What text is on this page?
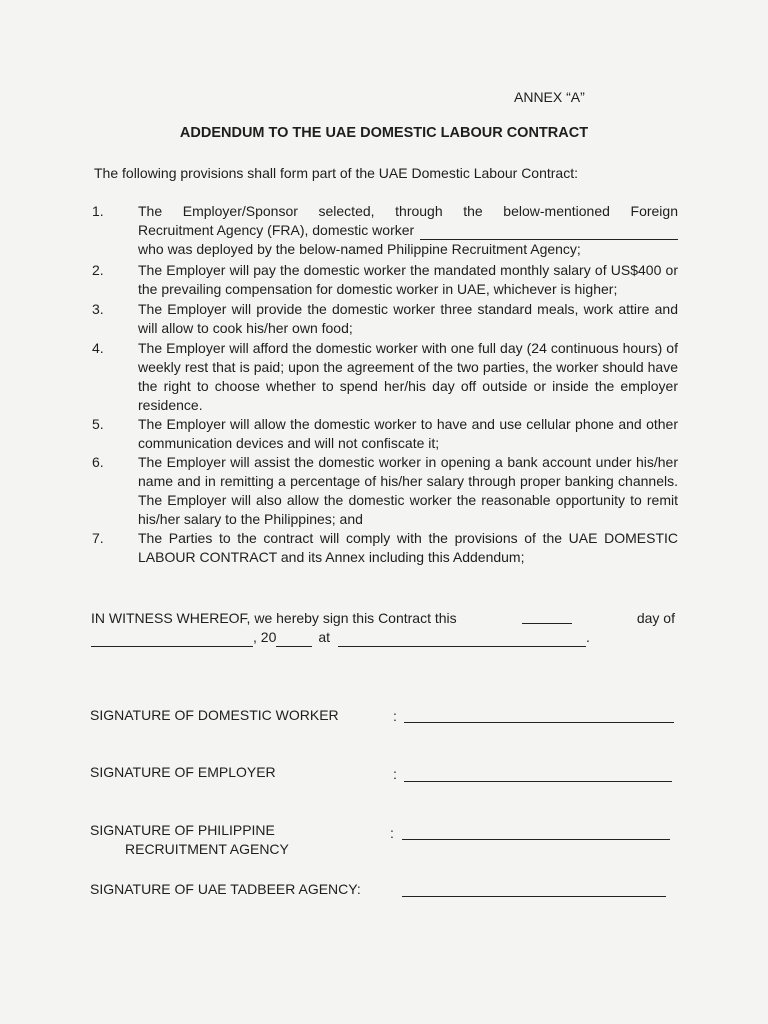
ANNEX “A”
ADDENDUM TO THE UAE DOMESTIC LABOUR CONTRACT
The following provisions shall form part of the UAE Domestic Labour Contract:
1.	The Employer/Sponsor selected, through the below-mentioned Foreign
Recruitment Agency (FRA), domestic worker
who was deployed by the below-named Philippine Recruitment Agency;
2.	The Employer will pay the domestic worker the mandated monthly salary of US$400 or the prevailing compensation for domestic worker in UAE, whichever is higher;
3.	The Employer will provide the domestic worker three standard meals, work attire and will allow to cook his/her own food;
4.	The Employer will afford the domestic worker with one full day (24 continuous hours) of weekly rest that is paid; upon the agreement of the two parties, the worker should have the right to choose whether to spend her/his day off outside or inside the employer residence.
5.	The Employer will allow the domestic worker to have and use cellular phone and other communication devices and will not confiscate it;
6.	The Employer will assist the domestic worker in opening a bank account under his/her name and in remitting a percentage of his/her salary through proper banking channels. The Employer will also allow the domestic worker the reasonable opportunity to remit his/her salary to the Philippines; and
7.	The Parties to the contract will comply with the provisions of the UAE DOMESTIC LABOUR CONTRACT and its Annex including this Addendum;
IN WITNESS WHEREOF, we hereby sign this Contract this	day of
, 20	at	.
SIGNATURE OF DOMESTIC WORKER	:
SIGNATURE OF EMPLOYER	:
SIGNATURE OF PHILIPPINE
RECRUITMENT AGENCY
:
SIGNATURE OF UAE TADBEER AGENCY:
